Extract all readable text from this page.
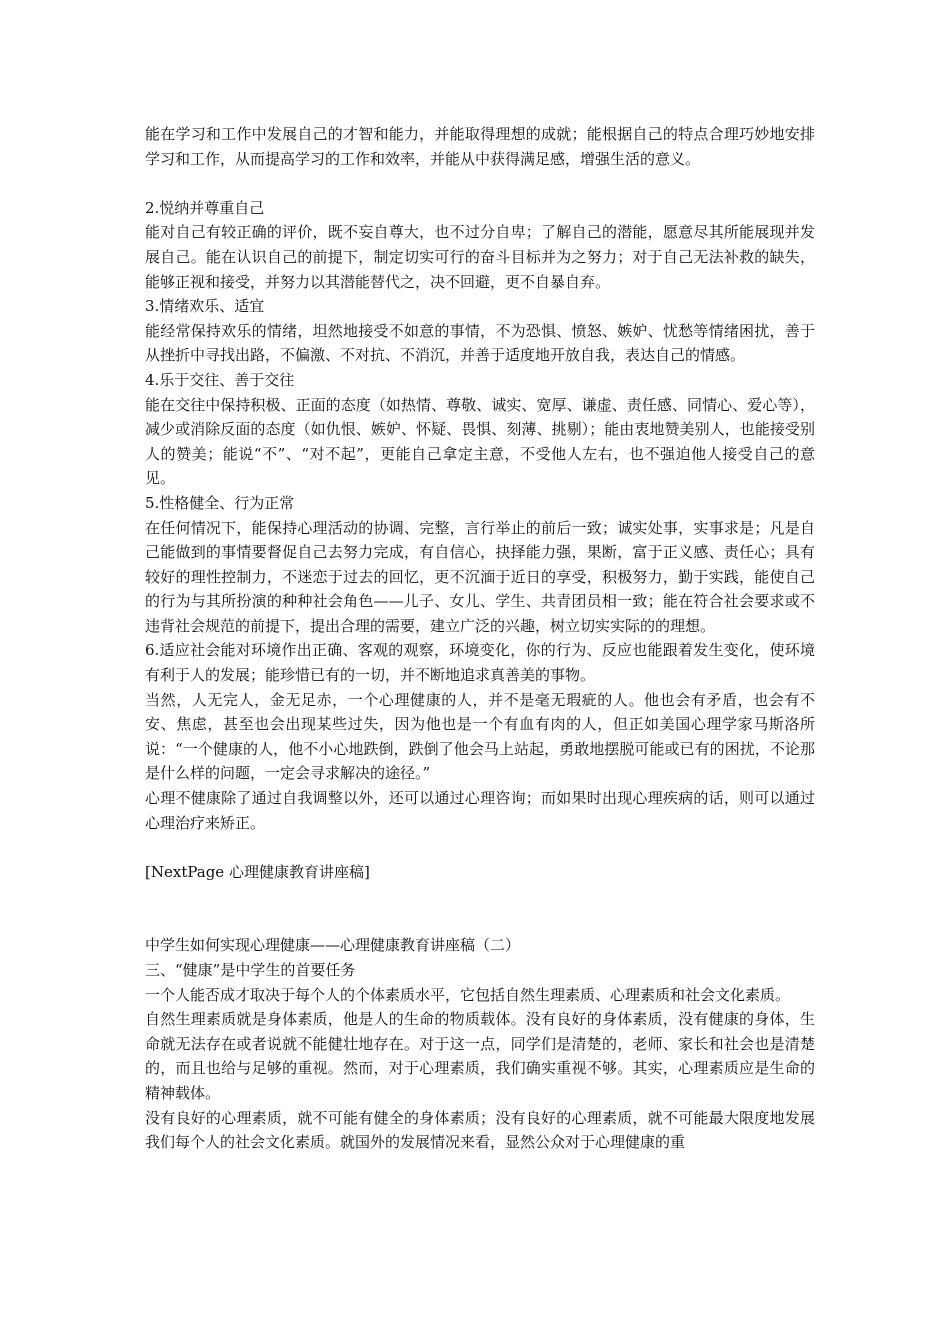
能在学习和工作中发展自己的才智和能力，并能取得理想的成就；能根据自己的特点合理巧妙地安排学习和工作，从而提高学习的工作和效率，并能从中获得满足感，增强生活的意义。

2.悦纳并尊重自己

能对自己有较正确的评价，既不妄自尊大，也不过分自卑；了解自己的潜能，愿意尽其所能展现并发展自己。能在认识自己的前提下，制定切实可行的奋斗目标并为之努力；对于自己无法补救的缺失，能够正视和接受，并努力以其潜能替代之，决不回避，更不自暴自弃。

3.情绪欢乐、适宜

能经常保持欢乐的情绪，坦然地接受不如意的事情，不为恐惧、愤怒、嫉妒、忧愁等情绪困扰，善于从挫折中寻找出路，不偏激、不对抗、不消沉，并善于适度地开放自我，表达自己的情感。

4.乐于交往、善于交往

能在交往中保持积极、正面的态度（如热情、尊敬、诚实、宽厚、谦虚、责任感、同情心、爱心等），减少或消除反面的态度（如仇恨、嫉妒、怀疑、畏惧、刻薄、挑剔）；能由衷地赞美别人，也能接受别人的赞美；能说“不”、“对不起”，更能自己拿定主意，不受他人左右，也不强迫他人接受自己的意见。

5.性格健全、行为正常

在任何情况下，能保持心理活动的协调、完整，言行举止的前后一致；诚实处事，实事求是；凡是自己能做到的事情要督促自己去努力完成，有自信心，抉择能力强，果断，富于正义感、责任心；具有较好的理性控制力，不迷恋于过去的回忆，更不沉湎于近日的享受，积极努力，勤于实践，能使自己的行为与其所扮演的种种社会角色——儿子、女儿、学生、共青团员相一致；能在符合社会要求或不违背社会规范的前提下，提出合理的需要，建立广泛的兴趣，树立切实实际的的理想。

6.适应社会能对环境作出正确、客观的观察，环境变化，你的行为、反应也能跟着发生变化，使环境有利于人的发展；能珍惜已有的一切，并不断地追求真善美的事物。

当然，人无完人，金无足赤，一个心理健康的人，并不是毫无瑕疵的人。他也会有矛盾，也会有不安、焦虑，甚至也会出现某些过失，因为他也是一个有血有肉的人，但正如美国心理学家马斯洛所说：“一个健康的人，他不小心地跌倒，跌倒了他会马上站起，勇敢地摆脱可能或已有的困扰，不论那是什么样的问题，一定会寻求解决的途径。”

心理不健康除了通过自我调整以外，还可以通过心理咨询；而如果时出现心理疾病的话，则可以通过心理治疗来矫正。

[NextPage 心理健康教育讲座稿]

中学生如何实现心理健康——心理健康教育讲座稿（二）

三、“健康”是中学生的首要任务

一个人能否成才取决于每个人的个体素质水平，它包括自然生理素质、心理素质和社会文化素质。

自然生理素质就是身体素质，他是人的生命的物质载体。没有良好的身体素质，没有健康的身体，生命就无法存在或者说就不能健壮地存在。对于这一点，同学们是清楚的，老师、家长和社会也是清楚的，而且也给与足够的重视。然而，对于心理素质，我们确实重视不够。其实，心理素质应是生命的精神载体。

没有良好的心理素质，就不可能有健全的身体素质；没有良好的心理素质，就不可能最大限度地发展我们每个人的社会文化素质。就国外的发展情况来看，显然公众对于心理健康的重
